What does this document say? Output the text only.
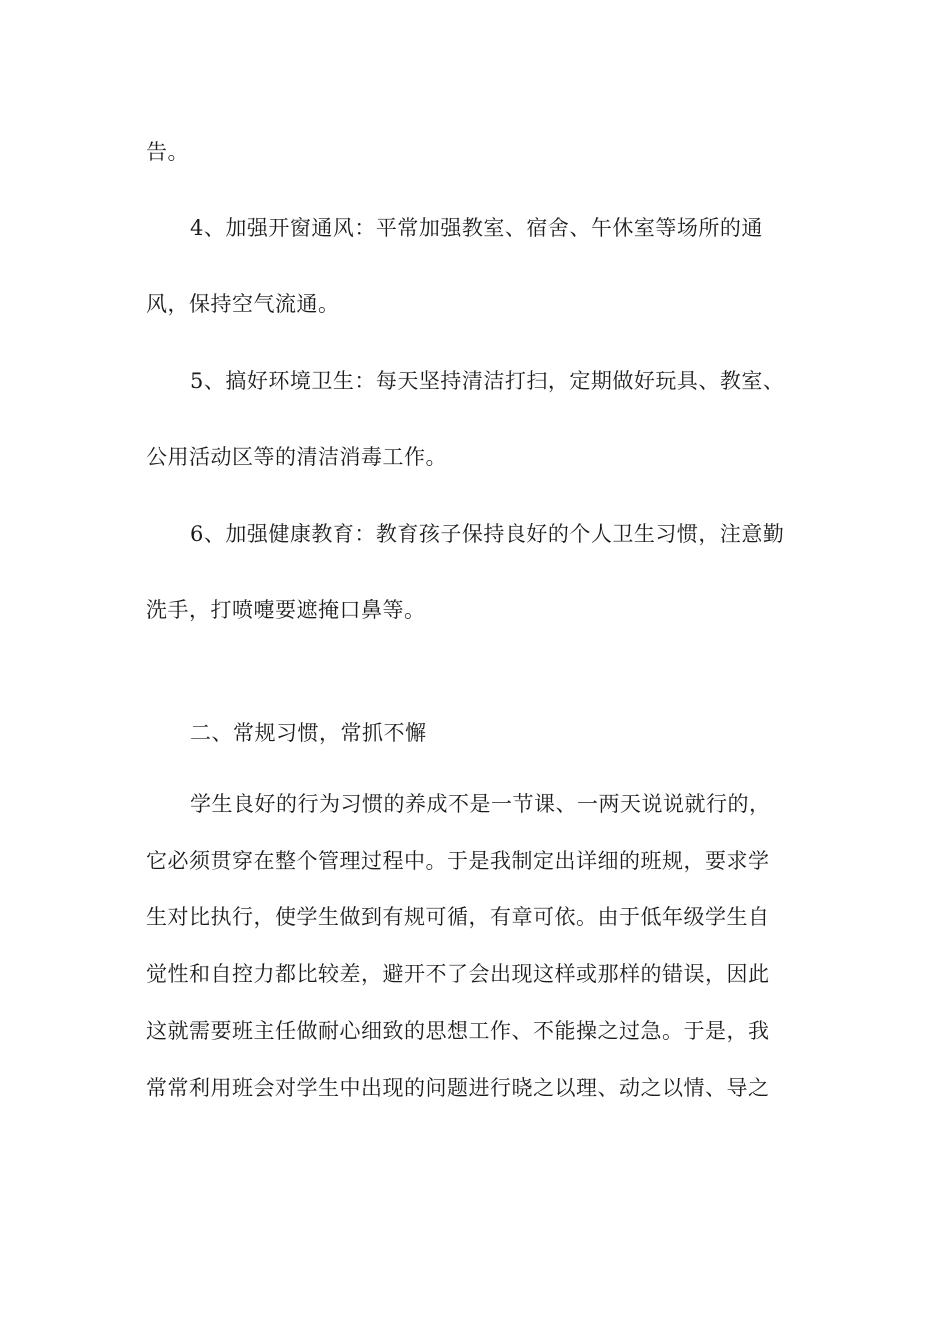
告。
4、加强开窗通风：平常加强教室、宿舍、午休室等场所的通
风，保持空气流通。
5、搞好环境卫生：每天坚持清洁打扫，定期做好玩具、教室、
公用活动区等的清洁消毒工作。
6、加强健康教育：教育孩子保持良好的个人卫生习惯，注意勤
洗手，打喷嚏要遮掩口鼻等。
二、常规习惯，常抓不懈
学生良好的行为习惯的养成不是一节课、一两天说说就行的，
它必须贯穿在整个管理过程中。于是我制定出详细的班规，要求学
生对比执行，使学生做到有规可循，有章可依。由于低年级学生自
觉性和自控力都比较差，避开不了会出现这样或那样的错误，因此
这就需要班主任做耐心细致的思想工作、不能操之过急。于是，我
常常利用班会对学生中出现的问题进行晓之以理、动之以情、导之
